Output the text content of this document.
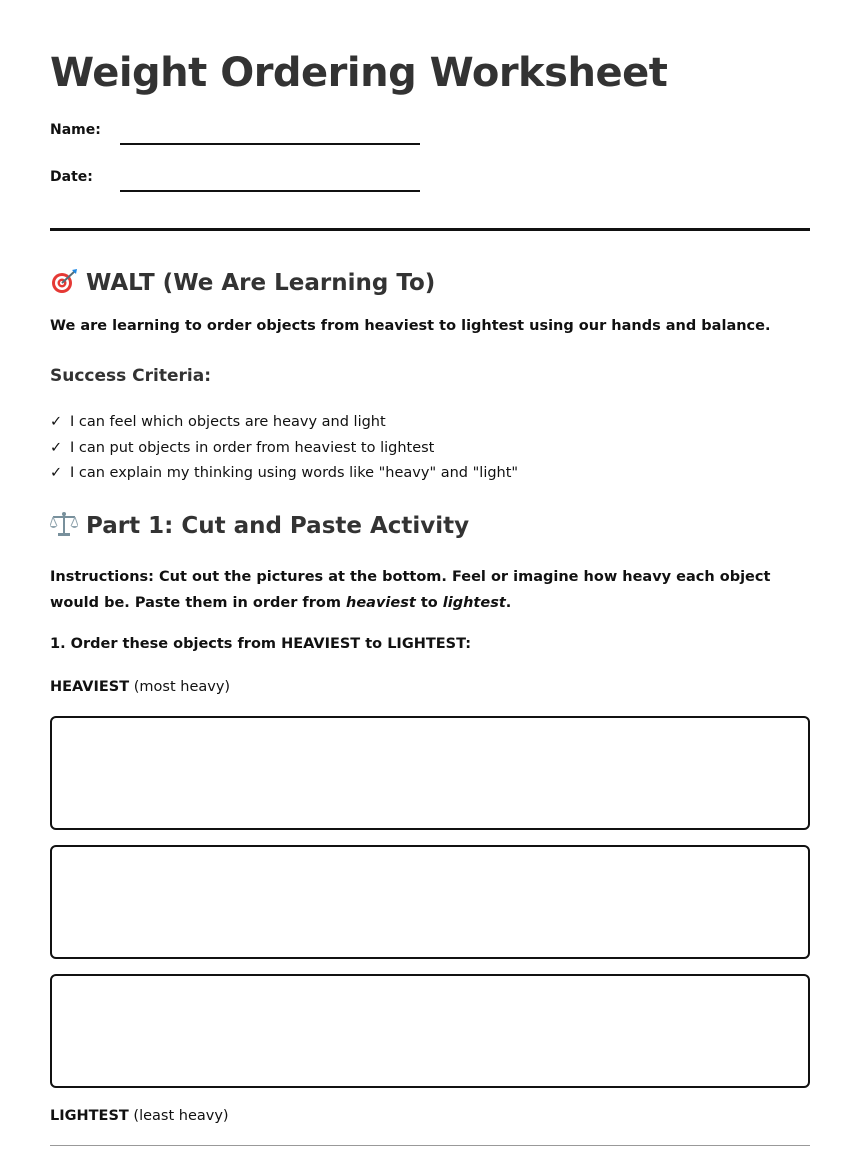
Weight Ordering Worksheet
Name:
Date:
WALT (We Are Learning To)
We are learning to order objects from heaviest to lightest using our hands and balance.
Success Criteria:
✓ I can feel which objects are heavy and light
✓ I can put objects in order from heaviest to lightest
✓ I can explain my thinking using words like "heavy" and "light"
Part 1: Cut and Paste Activity
Instructions: Cut out the pictures at the bottom. Feel or imagine how heavy each object would be. Paste them in order from heaviest to lightest.
1. Order these objects from HEAVIEST to LIGHTEST:
HEAVIEST (most heavy)
LIGHTEST (least heavy)
